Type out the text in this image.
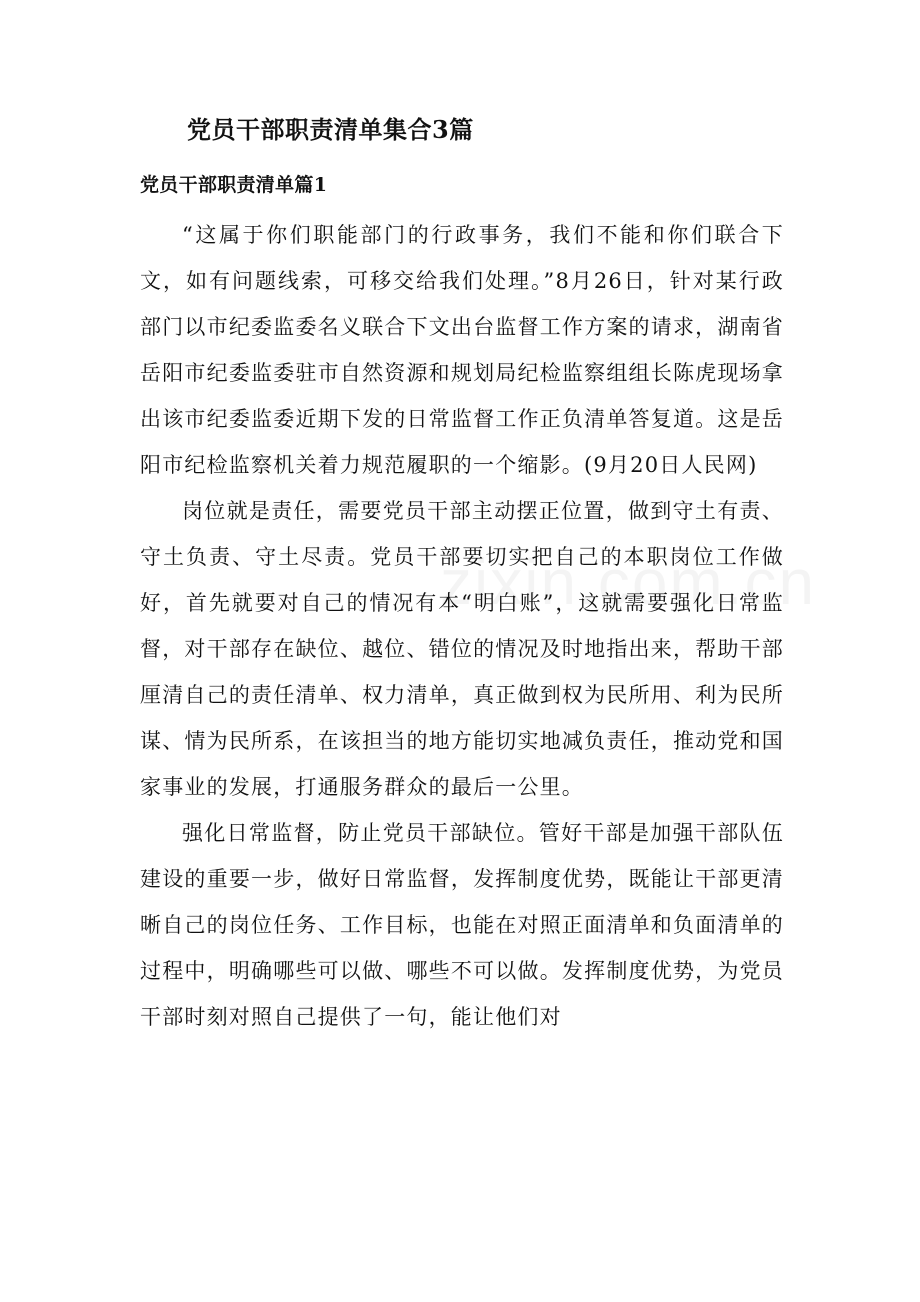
党员干部职责清单集合3篇
党员干部职责清单篇1

“这属于你们职能部门的行政事务，我们不能和你们联合下文，如有问题线索，可移交给我们处理。”8月26日，针对某行政部门以市纪委监委名义联合下文出台监督工作方案的请求，湖南省岳阳市纪委监委驻市自然资源和规划局纪检监察组组长陈虎现场拿出该市纪委监委近期下发的日常监督工作正负清单答复道。这是岳阳市纪检监察机关着力规范履职的一个缩影。(9月20日人民网)

岗位就是责任，需要党员干部主动摆正位置，做到守土有责、守土负责、守土尽责。党员干部要切实把自己的本职岗位工作做好，首先就要对自己的情况有本“明白账”，这就需要强化日常监督，对干部存在缺位、越位、错位的情况及时地指出来，帮助干部厘清自己的责任清单、权力清单，真正做到权为民所用、利为民所谋、情为民所系，在该担当的地方能切实地减负责任，推动党和国家事业的发展，打通服务群众的最后一公里。

强化日常监督，防止党员干部缺位。管好干部是加强干部队伍建设的重要一步，做好日常监督，发挥制度优势，既能让干部更清晰自己的岗位任务、工作目标，也能在对照正面清单和负面清单的过程中，明确哪些可以做、哪些不可以做。发挥制度优势，为党员干部时刻对照自己提供了一句，能让他们对
